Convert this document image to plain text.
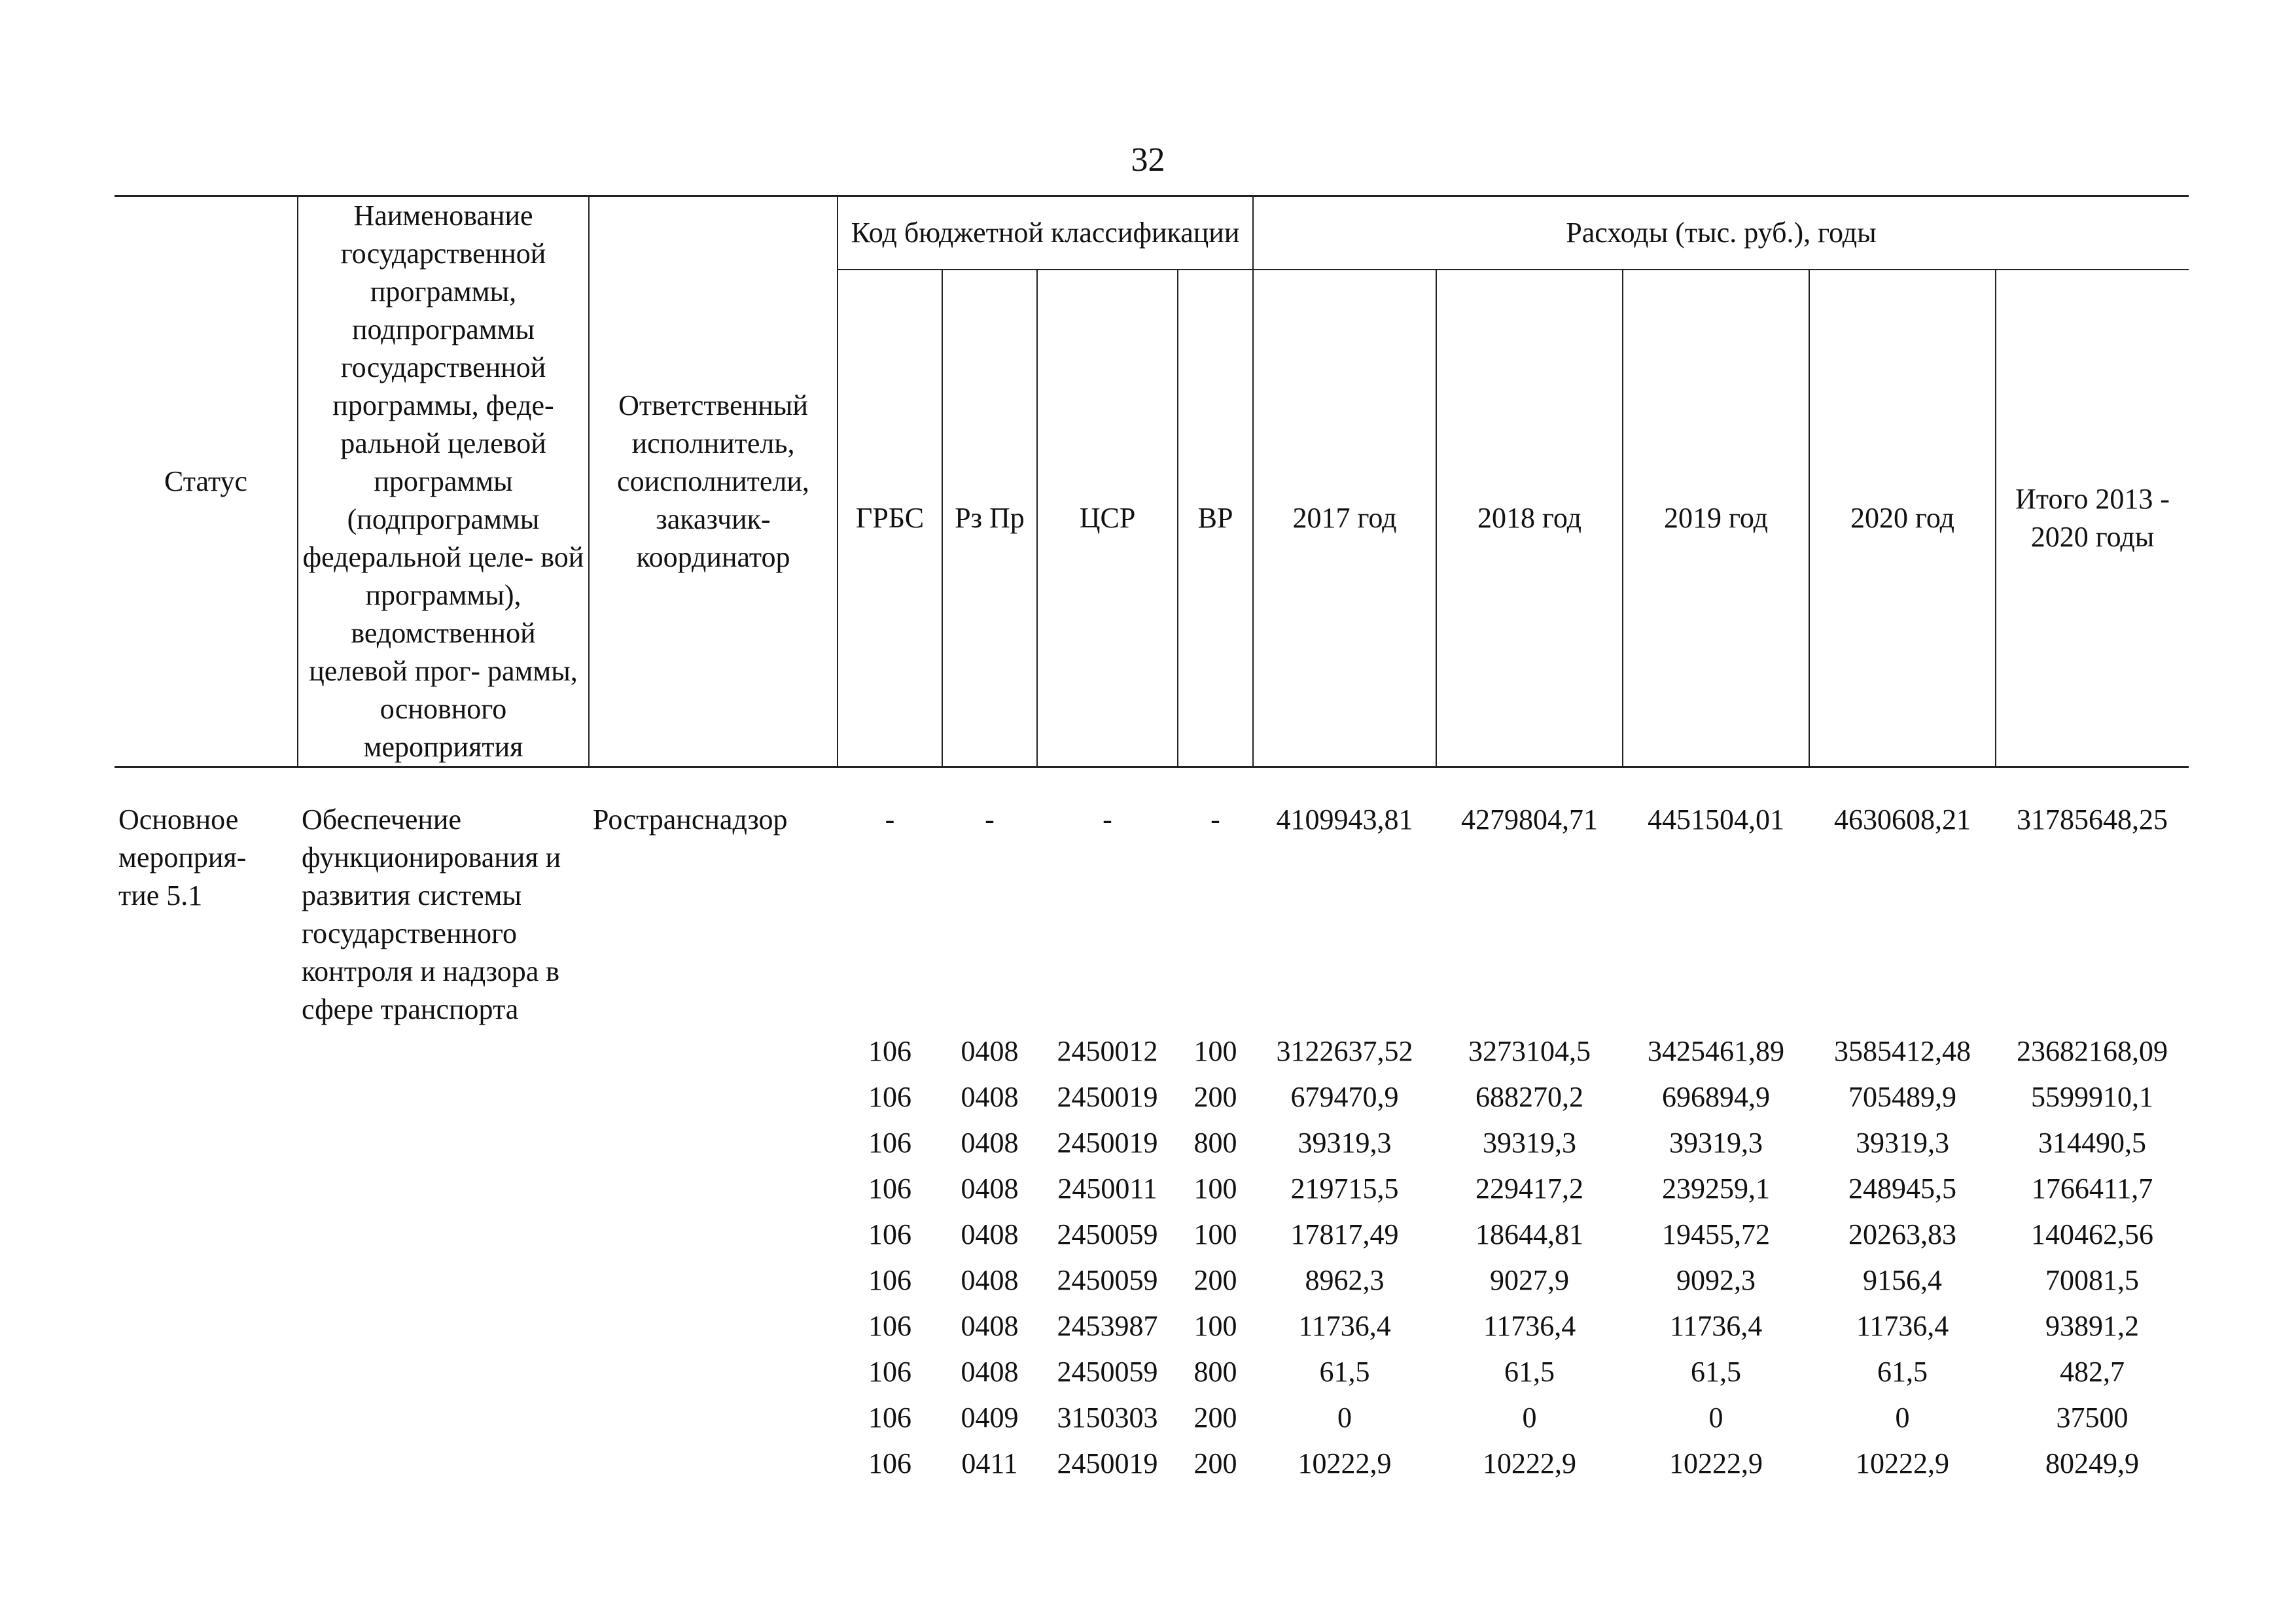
32
Статус	Наименование государственной программы, подпрограммы государственной программы, феде- ральной целевой программы (подпрограммы федеральной целе- вой программы), ведомственной целевой прог- раммы, основного мероприятия	Ответственный исполнитель, соисполнители, заказчик- координатор	Код бюджетной классификации				Расходы (тыс. руб.), годы				
			ГРБС	Рз Пр	ЦСР	ВР	2017 год	2018 год	2019 год	2020 год	Итого 2013 - 2020 годы
Основное мероприя- тие 5.1	Обеспечение функционирования и развития системы государственного контроля и надзора в сфере транспорта	Ространснадзор	-	-	-	-	4109943,81	4279804,71	4451504,01	4630608,21	31785648,25
			106	0408	2450012	100	3122637,52	3273104,5	3425461,89	3585412,48	23682168,09
			106	0408	2450019	200	679470,9	688270,2	696894,9	705489,9	5599910,1
			106	0408	2450019	800	39319,3	39319,3	39319,3	39319,3	314490,5
			106	0408	2450011	100	219715,5	229417,2	239259,1	248945,5	1766411,7
			106	0408	2450059	100	17817,49	18644,81	19455,72	20263,83	140462,56
			106	0408	2450059	200	8962,3	9027,9	9092,3	9156,4	70081,5
			106	0408	2453987	100	11736,4	11736,4	11736,4	11736,4	93891,2
			106	0408	2450059	800	61,5	61,5	61,5	61,5	482,7
			106	0409	3150303	200	0	0	0	0	37500
			106	0411	2450019	200	10222,9	10222,9	10222,9	10222,9	80249,9
